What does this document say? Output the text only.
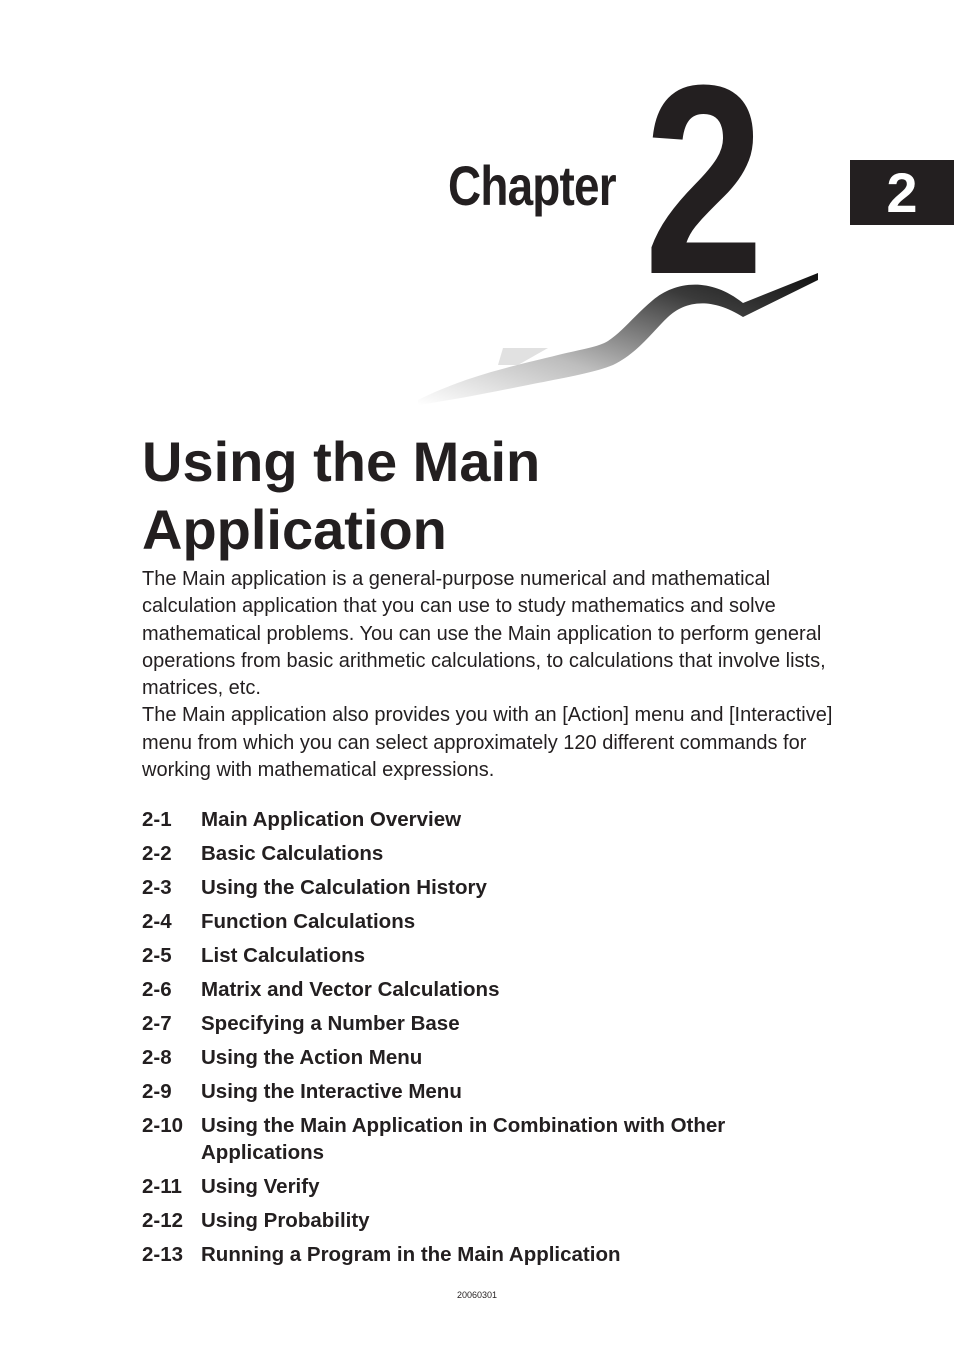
Chapter 2	2
Using the Main
Application

The Main application is a general-purpose numerical and mathematical calculation application that you can use to study mathematics and solve mathematical problems. You can use the Main application to perform general operations from basic arithmetic calculations, to calculations that involve lists, matrices, etc.

The Main application also provides you with an [Action] menu and [Interactive] menu from which you can select approximately 120 different commands for working with mathematical expressions.

2-1 Main Application Overview
2-2 Basic Calculations
2-3 Using the Calculation History
2-4 Function Calculations
2-5 List Calculations
2-6 Matrix and Vector Calculations
2-7 Specifying a Number Base
2-8 Using the Action Menu
2-9 Using the Interactive Menu
2-10 Using the Main Application in Combination with Other Applications
2-11 Using Verify
2-12 Using Probability
2-13 Running a Program in the Main Application
20060301
